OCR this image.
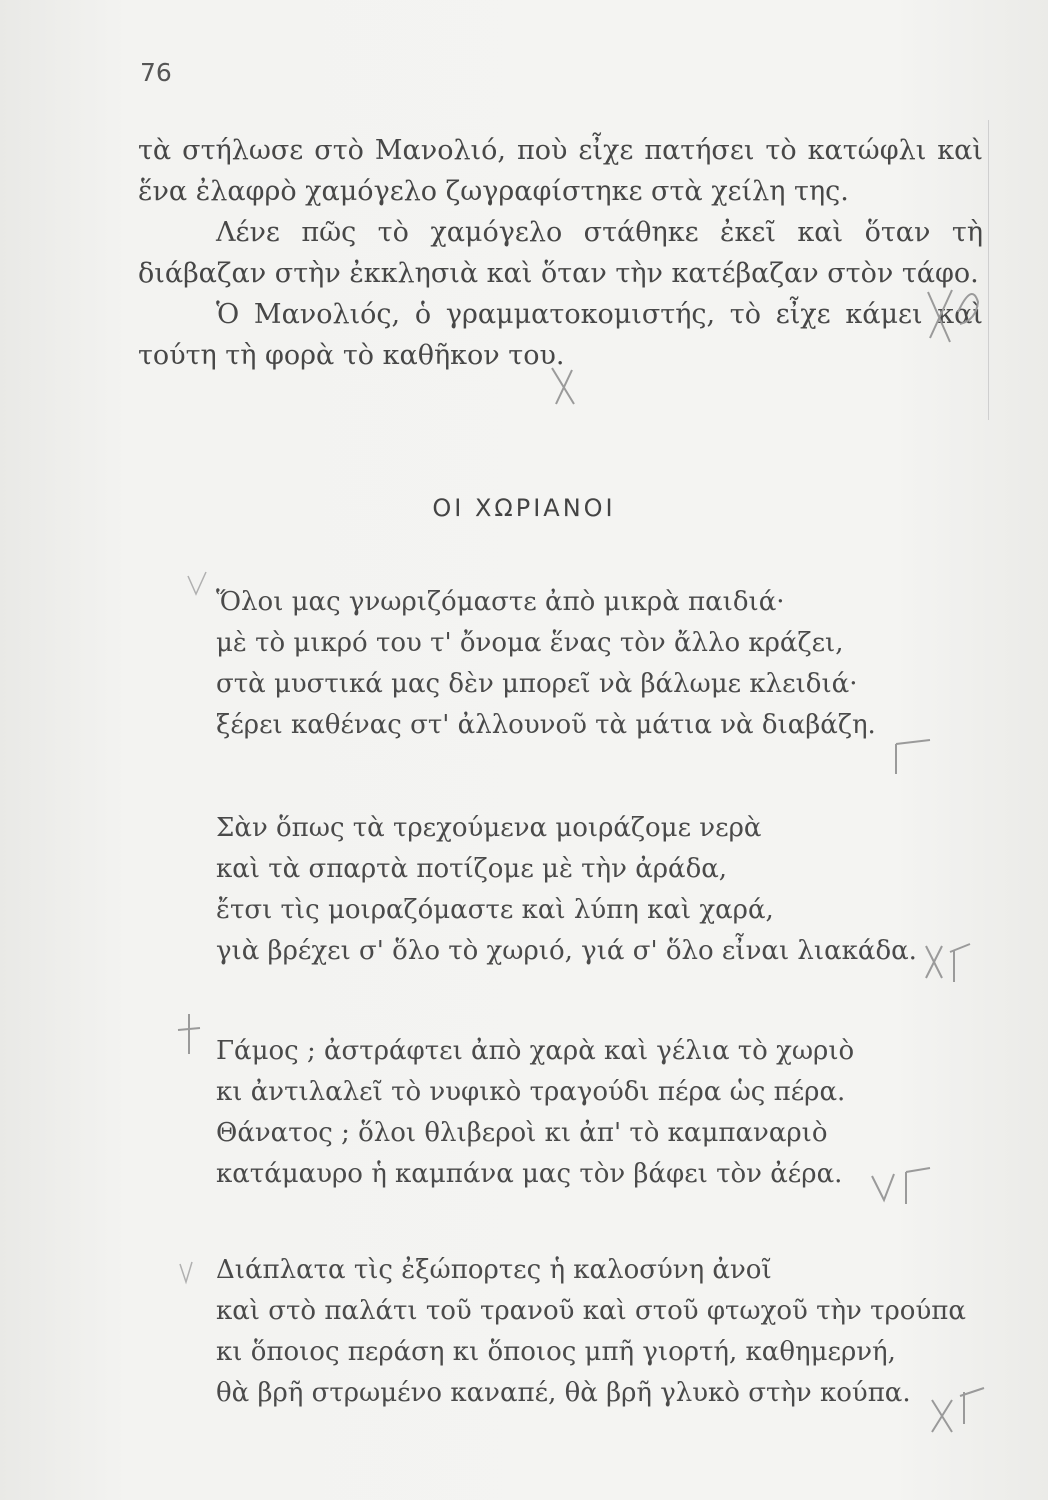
76

τὰ στήλωσε στὸ Μανολιό, ποὺ εἶχε πατήσει τὸ κατώφλι καὶ ἕνα ἐλαφρὸ χαμόγελο ζωγραφίστηκε στὰ χείλη της.

Λένε πῶς τὸ χαμόγελο στάθηκε ἐκεῖ καὶ ὅταν τὴ διάβαζαν στὴν ἐκκλησιὰ καὶ ὅταν τὴν κατέβαζαν στὸν τάφο.

Ὁ Μανολιός, ὁ γραμματοκομιστής, τὸ εἶχε κάμει καὶ τούτη τὴ φορὰ τὸ καθῆκον του.

ΟΙ ΧΩΡΙΑΝΟΙ
Ὅλοι μας γνωριζόμαστε ἀπὸ μικρὰ παιδιά·
μὲ τὸ μικρό του τ' ὄνομα ἕνας τὸν ἄλλο κράζει,
στὰ μυστικά μας δὲν μπορεῖ νὰ βάλωμε κλειδιά·
ξέρει καθένας στ' ἀλλουνοῦ τὰ μάτια νὰ διαβάζη.
Σὰν ὅπως τὰ τρεχούμενα μοιράζομε νερὰ
καὶ τὰ σπαρτὰ ποτίζομε μὲ τὴν ἀράδα,
ἔτσι τὶς μοιραζόμαστε καὶ λύπη καὶ χαρά,
γιὰ βρέχει σ' ὅλο τὸ χωριό, γιά σ' ὅλο εἶναι λιακάδα.
Γάμος ; ἀστράφτει ἀπὸ χαρὰ καὶ γέλια τὸ χωριὸ
κι ἀντιλαλεῖ τὸ νυφικὸ τραγούδι πέρα ὡς πέρα.
Θάνατος ; ὅλοι θλιβεροὶ κι ἀπ' τὸ καμπαναριὸ
κατάμαυρο ἡ καμπάνα μας τὸν βάφει τὸν ἀέρα.
Διάπλατα τὶς ἐξώπορτες ἡ καλοσύνη ἀνοῖ
καὶ στὸ παλάτι τοῦ τρανοῦ καὶ στοῦ φτωχοῦ τὴν τρούπα
κι ὅποιος περάση κι ὅποιος μπῆ γιορτή, καθημερνή,
θὰ βρῆ στρωμένο καναπέ, θὰ βρῆ γλυκὸ στὴν κούπα.
